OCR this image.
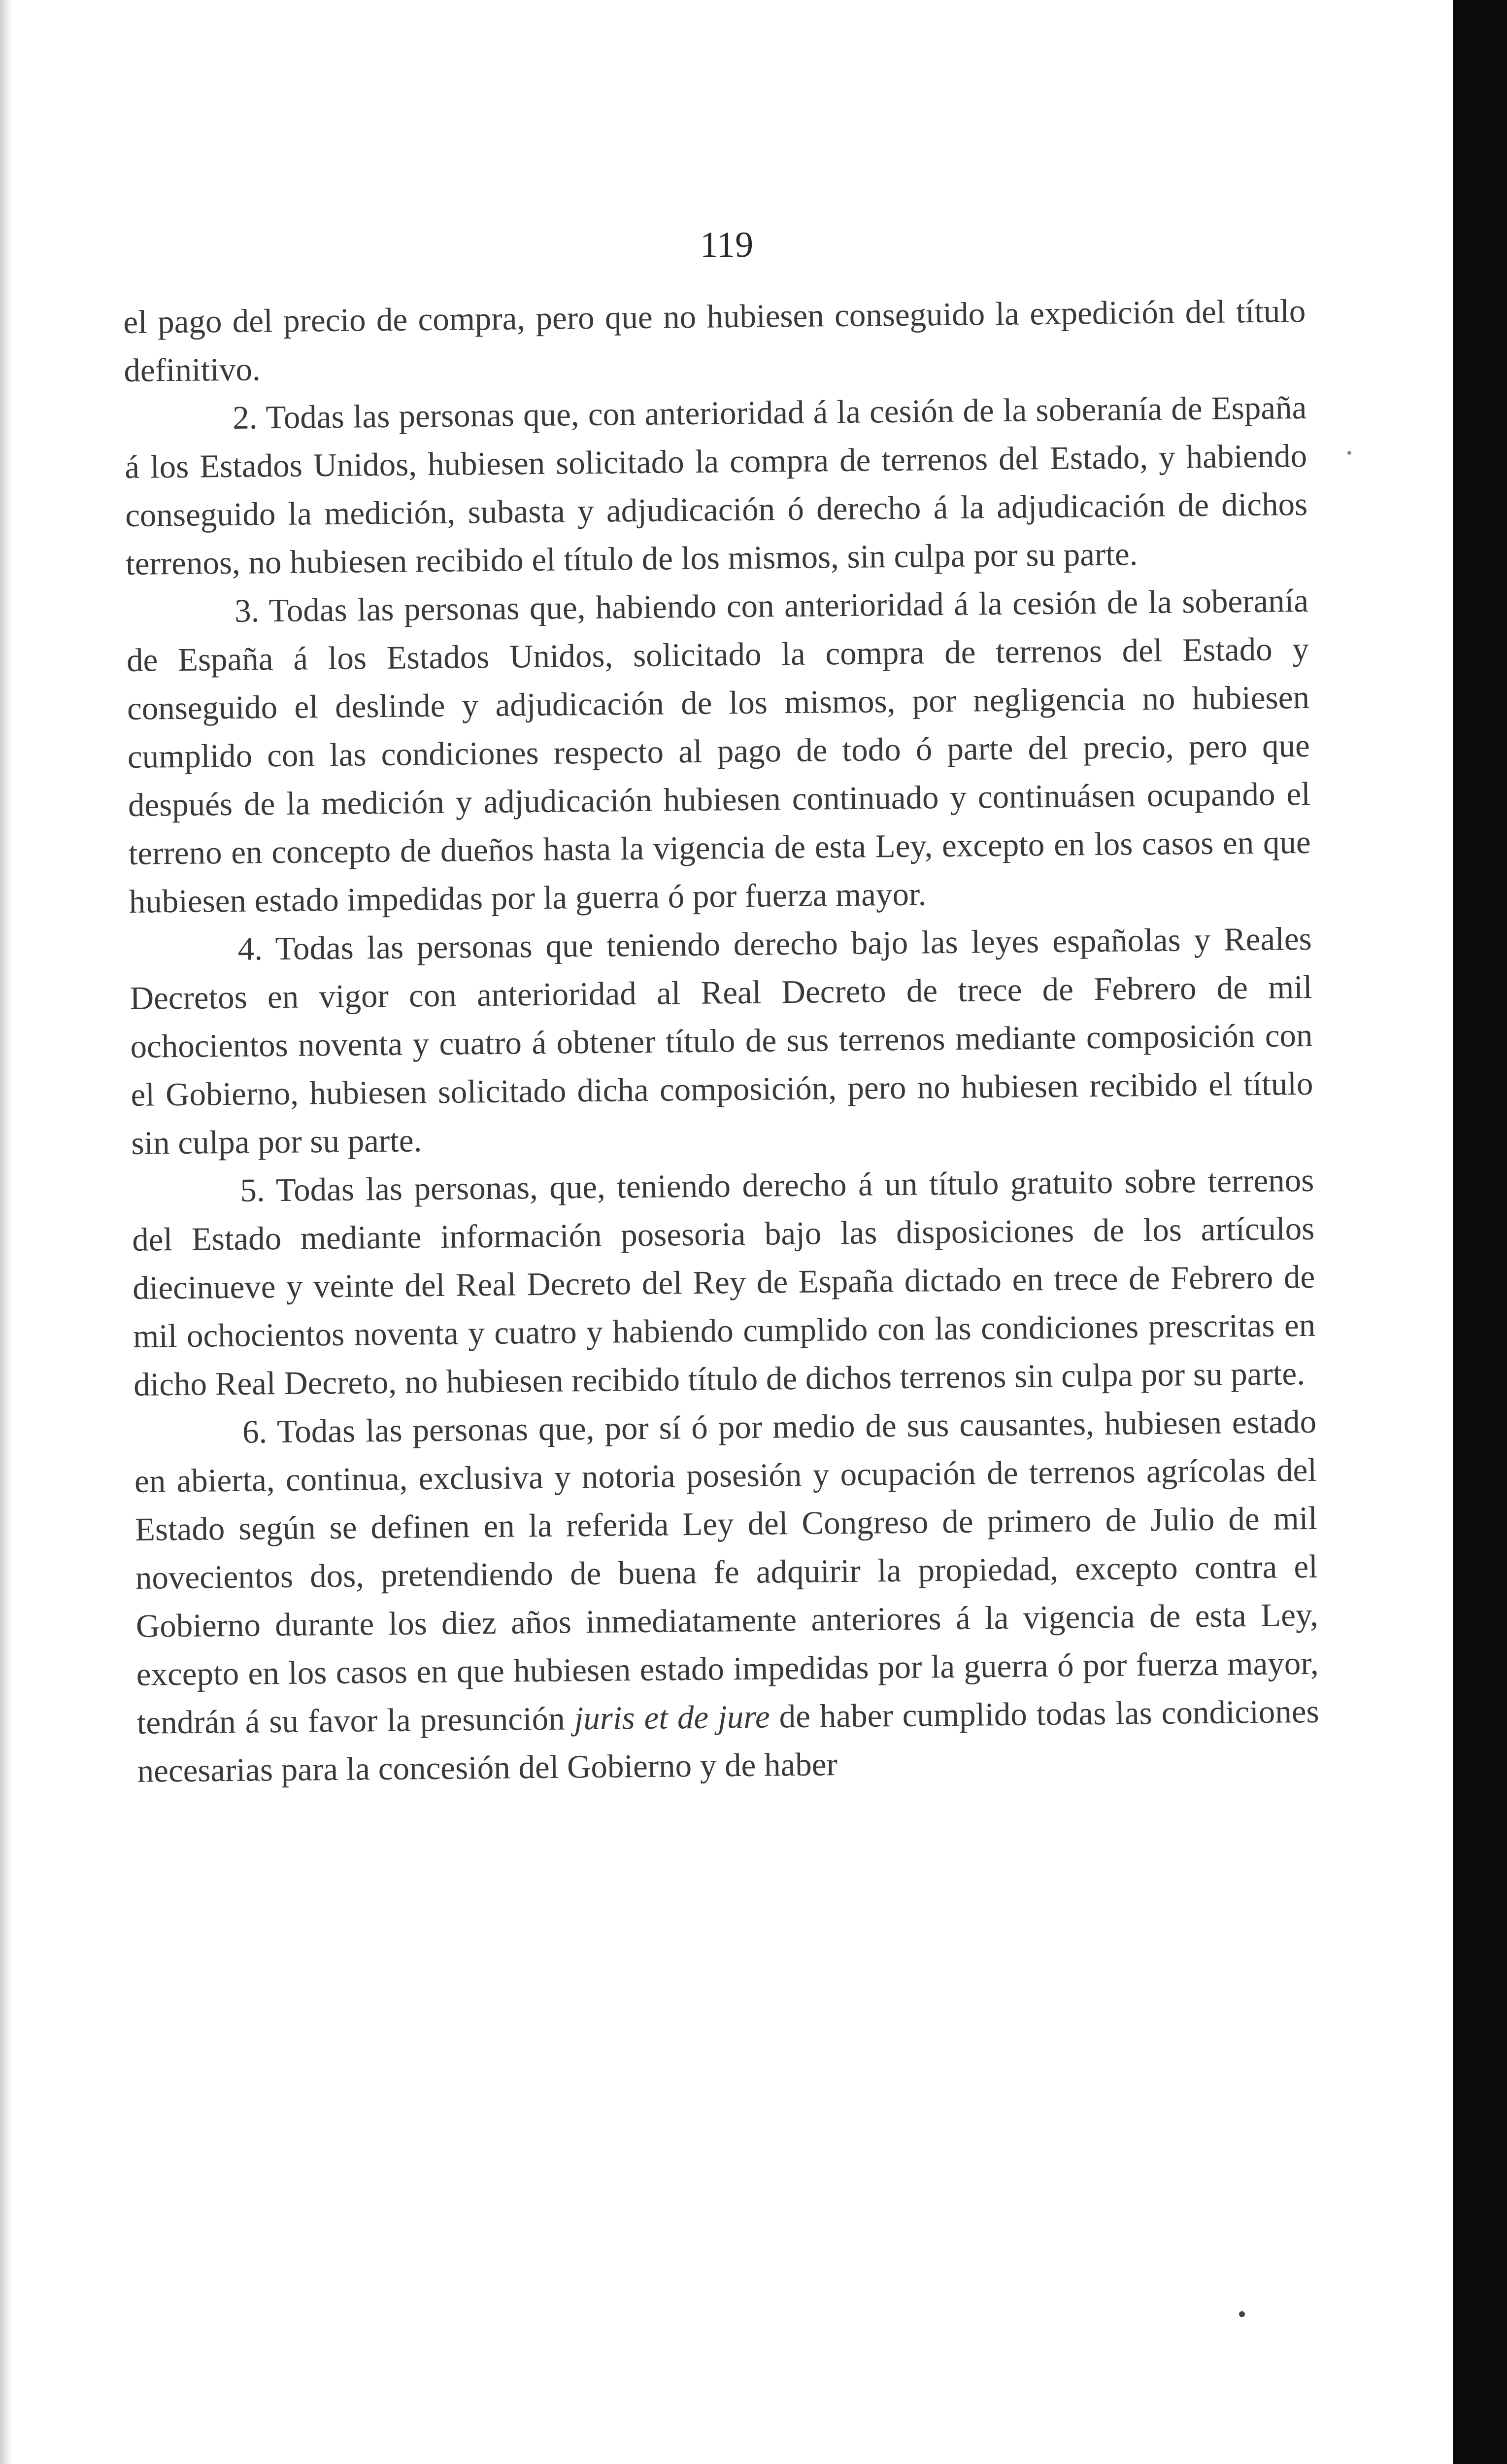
119

el pago del precio de compra, pero que no hubiesen conseguido la expedición del título definitivo.

2. Todas las personas que, con anterioridad á la cesión de la soberanía de España á los Estados Unidos, hubiesen solicitado la compra de terrenos del Estado, y habiendo conseguido la medición, subasta y adjudicación ó derecho á la adjudicación de dichos terrenos, no hubiesen recibido el título de los mismos, sin culpa por su parte.

3. Todas las personas que, habiendo con anterioridad á la cesión de la soberanía de España á los Estados Unidos, solicitado la compra de terrenos del Estado y conseguido el deslinde y adjudicación de los mismos, por negligencia no hubiesen cumplido con las condiciones respecto al pago de todo ó parte del precio, pero que después de la medición y adjudicación hubiesen continuado y continuásen ocupando el terreno en concepto de dueños hasta la vigencia de esta Ley, excepto en los casos en que hubiesen estado impedidas por la guerra ó por fuerza mayor.

4. Todas las personas que teniendo derecho bajo las leyes españolas y Reales Decretos en vigor con anterioridad al Real Decreto de trece de Febrero de mil ochocientos noventa y cuatro á obtener título de sus terrenos mediante composición con el Gobierno, hubiesen solicitado dicha composición, pero no hubiesen recibido el título sin culpa por su parte.

5. Todas las personas, que, teniendo derecho á un título gratuito sobre terrenos del Estado mediante información posesoria bajo las disposiciones de los artículos diecinueve y veinte del Real Decreto del Rey de España dictado en trece de Febrero de mil ochocientos noventa y cuatro y habiendo cumplido con las condiciones prescritas en dicho Real Decreto, no hubiesen recibido título de dichos terrenos sin culpa por su parte.

6. Todas las personas que, por sí ó por medio de sus causantes, hubiesen estado en abierta, continua, exclusiva y notoria posesión y ocupación de terrenos agrícolas del Estado según se definen en la referida Ley del Congreso de primero de Julio de mil novecientos dos, pretendiendo de buena fe adquirir la propiedad, excepto contra el Gobierno durante los diez años inmediatamente anteriores á la vigencia de esta Ley, excepto en los casos en que hubiesen estado impedidas por la guerra ó por fuerza mayor, tendrán á su favor la presunción juris et de jure de haber cumplido todas las condiciones necesarias para la concesión del Gobierno y de haber
